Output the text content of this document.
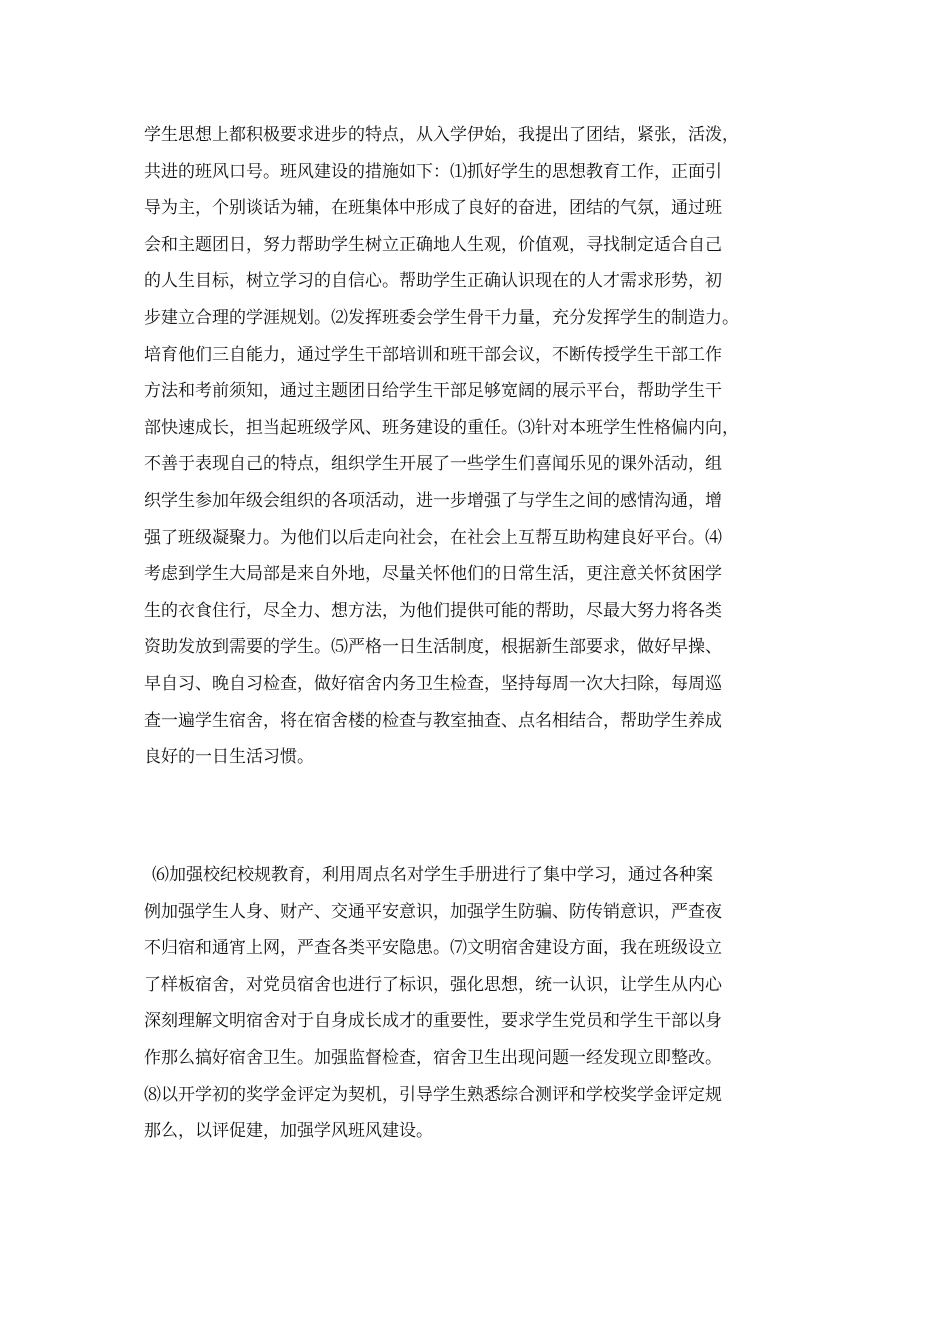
学生思想上都积极要求进步的特点，从入学伊始，我提出了团结，紧张，活泼，
共进的班风口号。班风建设的措施如下：⑴抓好学生的思想教育工作，正面引
导为主，个别谈话为辅，在班集体中形成了良好的奋进，团结的气氛，通过班
会和主题团日，努力帮助学生树立正确地人生观，价值观，寻找制定适合自己
的人生目标，树立学习的自信心。帮助学生正确认识现在的人才需求形势，初
步建立合理的学涯规划。⑵发挥班委会学生骨干力量，充分发挥学生的制造力。
培育他们三自能力，通过学生干部培训和班干部会议，不断传授学生干部工作
方法和考前须知，通过主题团日给学生干部足够宽阔的展示平台，帮助学生干
部快速成长，担当起班级学风、班务建设的重任。⑶针对本班学生性格偏内向，
不善于表现自己的特点，组织学生开展了一些学生们喜闻乐见的课外活动，组
织学生参加年级会组织的各项活动，进一步增强了与学生之间的感情沟通，增
强了班级凝聚力。为他们以后走向社会，在社会上互帮互助构建良好平台。⑷
考虑到学生大局部是来自外地，尽量关怀他们的日常生活，更注意关怀贫困学
生的衣食住行，尽全力、想方法，为他们提供可能的帮助，尽最大努力将各类
资助发放到需要的学生。⑸严格一日生活制度，根据新生部要求，做好早操、
早自习、晚自习检查，做好宿舍内务卫生检查，坚持每周一次大扫除，每周巡
查一遍学生宿舍，将在宿舍楼的检查与教室抽查、点名相结合，帮助学生养成
良好的一日生活习惯。
⑹加强校纪校规教育，利用周点名对学生手册进行了集中学习，通过各种案
例加强学生人身、财产、交通平安意识，加强学生防骗、防传销意识，严查夜
不归宿和通宵上网，严查各类平安隐患。⑺文明宿舍建设方面，我在班级设立
了样板宿舍，对党员宿舍也进行了标识，强化思想，统一认识，让学生从内心
深刻理解文明宿舍对于自身成长成才的重要性，要求学生党员和学生干部以身
作那么搞好宿舍卫生。加强监督检查，宿舍卫生出现问题一经发现立即整改。
⑻以开学初的奖学金评定为契机，引导学生熟悉综合测评和学校奖学金评定规
那么，以评促建，加强学风班风建设。
